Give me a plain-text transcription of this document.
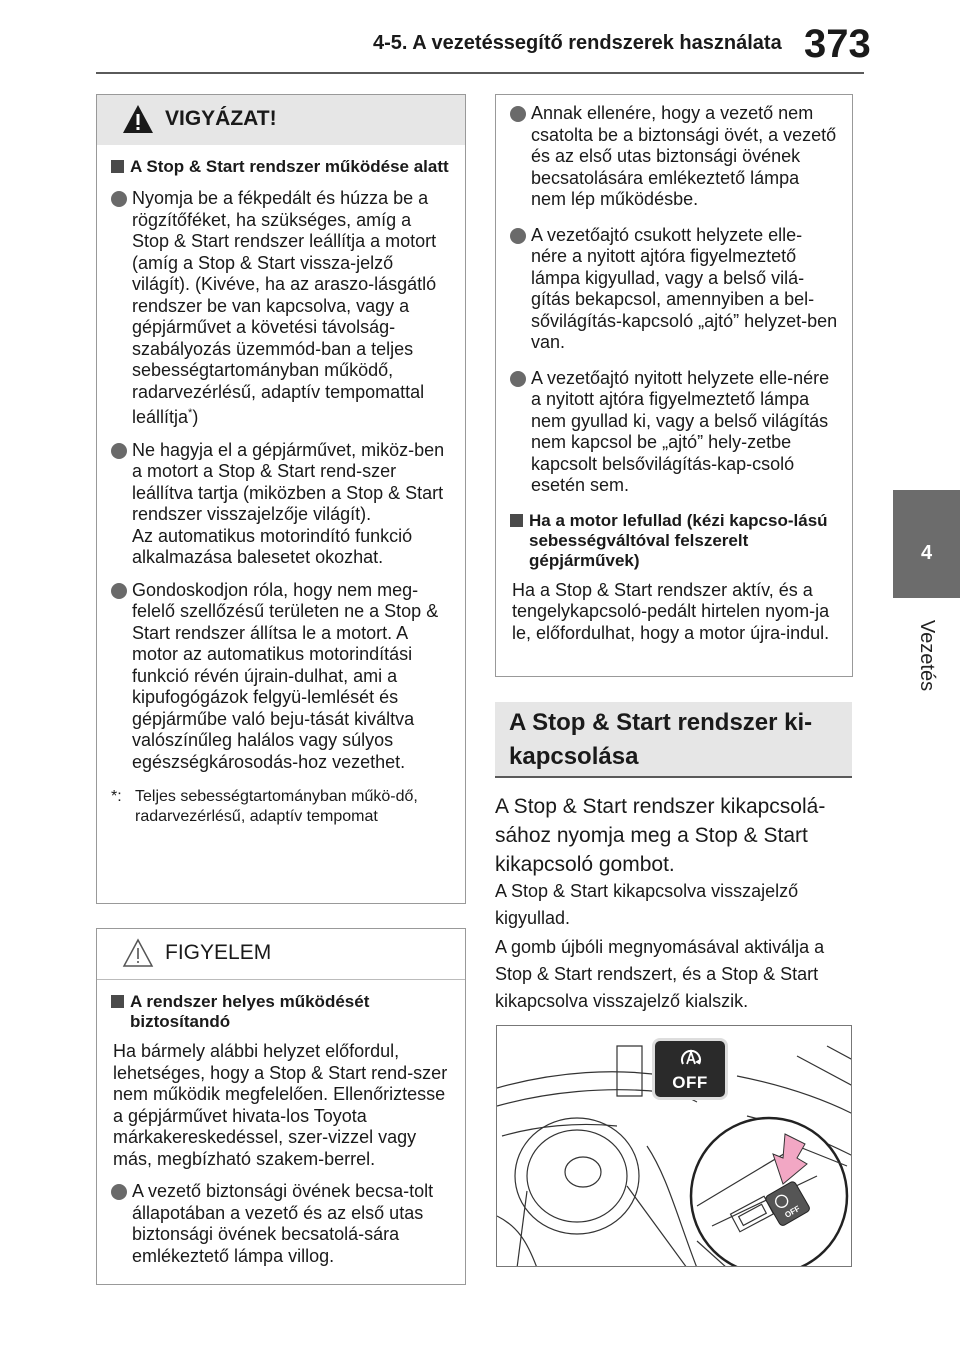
4-5. A vezetéssegítő rendszerek használata 373
4
Vezetés
VIGYÁZAT!
A Stop & Start rendszer működése alatt
Nyomja be a fékpedált és húzza be a rögzítőféket, ha szükséges, amíg a Stop & Start rendszer leállítja a motort (amíg a Stop & Start vissza-jelző világít). (Kivéve, ha az araszo-lásgátló rendszer be van kapcsolva, vagy a gépjárművet a követési távolság-szabályozás üzemmód-ban a teljes sebességtartományban működő, radarvezérlésű, adaptív tempomattal leállítja*)
Ne hagyja el a gépjárművet, miköz-ben a motort a Stop & Start rend-szer leállítva tartja (miközben a Stop & Start rendszer visszajelzője világít).
Az automatikus motorindító funkció alkalmazása balesetet okozhat.
Gondoskodjon róla, hogy nem meg-felelő szellőzésű területen ne a Stop & Start rendszer állítsa le a motort. A motor az automatikus motorindítási funkció révén újrain-dulhat, ami a kipufogógázok felgyü-lemlését és gépjárműbe való beju-tását kiváltva valószínűleg halálos vagy súlyos egészségkárosodás-hoz vezethet.
*: Teljes sebességtartományban műkö-dő, radarvezérlésű, adaptív tempomat
FIGYELEM
A rendszer helyes működését biztosítandó
Ha bármely alábbi helyzet előfordul, lehetséges, hogy a Stop & Start rend-szer nem működik megfelelően. Ellenőriztesse a gépjárművet hivata-los Toyota márkakereskedéssel, szer-vizzel vagy más, megbízható szakem-berrel.
A vezető biztonsági övének becsa-tolt állapotában a vezető és az első utas biztonsági övének becsatolá-sára emlékeztető lámpa villog.
Annak ellenére, hogy a vezető nem csatolta be a biztonsági övét, a vezető és az első utas biztonsági övének becsatolására emlékeztető lámpa nem lép működésbe.
A vezetőajtó csukott helyzete elle-nére a nyitott ajtóra figyelmeztető lámpa kigyullad, vagy a belső vilá-gítás bekapcsol, amennyiben a bel-sővilágítás-kapcsoló „ajtó” helyzet-ben van.
A vezetőajtó nyitott helyzete elle-nére a nyitott ajtóra figyelmeztető lámpa nem gyullad ki, vagy a belső világítás nem kapcsol be „ajtó” hely-zetbe kapcsolt belsővilágítás-kap-csoló esetén sem.
Ha a motor lefullad (kézi kapcso-lású sebességváltóval felszerelt gépjárművek)
Ha a Stop & Start rendszer aktív, és a tengelykapcsoló-pedált hirtelen nyom-ja le, előfordulhat, hogy a motor újra-indul.
A Stop & Start rendszer ki-kapcsolása
A Stop & Start rendszer kikapcsolá-sához nyomja meg a Stop & Start kikapcsoló gombot.
A Stop & Start kikapcsolva visszajelző kigyullad.
A gomb újbóli megnyomásával aktiválja a Stop & Start rendszert, és a Stop & Start kikapcsolva visszajelző kialszik.
OFF
OFF
